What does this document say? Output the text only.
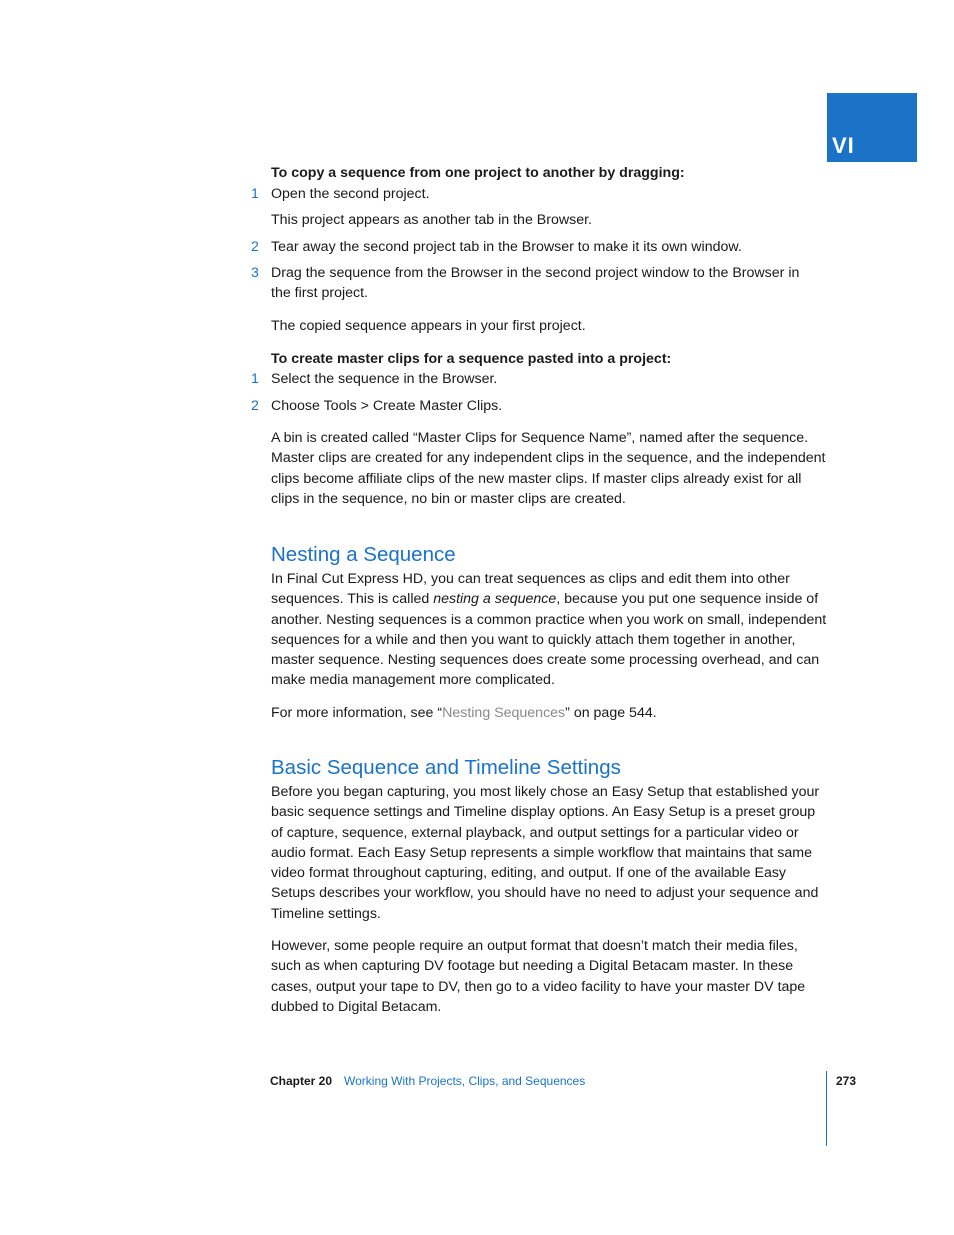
VI
To copy a sequence from one project to another by dragging:
1 Open the second project.
This project appears as another tab in the Browser.
2 Tear away the second project tab in the Browser to make it its own window.
3 Drag the sequence from the Browser in the second project window to the Browser in the first project.
The copied sequence appears in your first project.
To create master clips for a sequence pasted into a project:
1 Select the sequence in the Browser.
2 Choose Tools > Create Master Clips.
A bin is created called “Master Clips for Sequence Name”, named after the sequence. Master clips are created for any independent clips in the sequence, and the independent clips become affiliate clips of the new master clips. If master clips already exist for all clips in the sequence, no bin or master clips are created.
Nesting a Sequence
In Final Cut Express HD, you can treat sequences as clips and edit them into other sequences. This is called nesting a sequence, because you put one sequence inside of another. Nesting sequences is a common practice when you work on small, independent sequences for a while and then you want to quickly attach them together in another, master sequence. Nesting sequences does create some processing overhead, and can make media management more complicated.
For more information, see “Nesting Sequences” on page 544.
Basic Sequence and Timeline Settings
Before you began capturing, you most likely chose an Easy Setup that established your basic sequence settings and Timeline display options. An Easy Setup is a preset group of capture, sequence, external playback, and output settings for a particular video or audio format. Each Easy Setup represents a simple workflow that maintains that same video format throughout capturing, editing, and output. If one of the available Easy Setups describes your workflow, you should have no need to adjust your sequence and Timeline settings.
However, some people require an output format that doesn’t match their media files, such as when capturing DV footage but needing a Digital Betacam master. In these cases, output your tape to DV, then go to a video facility to have your master DV tape dubbed to Digital Betacam.
Chapter 20 Working With Projects, Clips, and Sequences	273
